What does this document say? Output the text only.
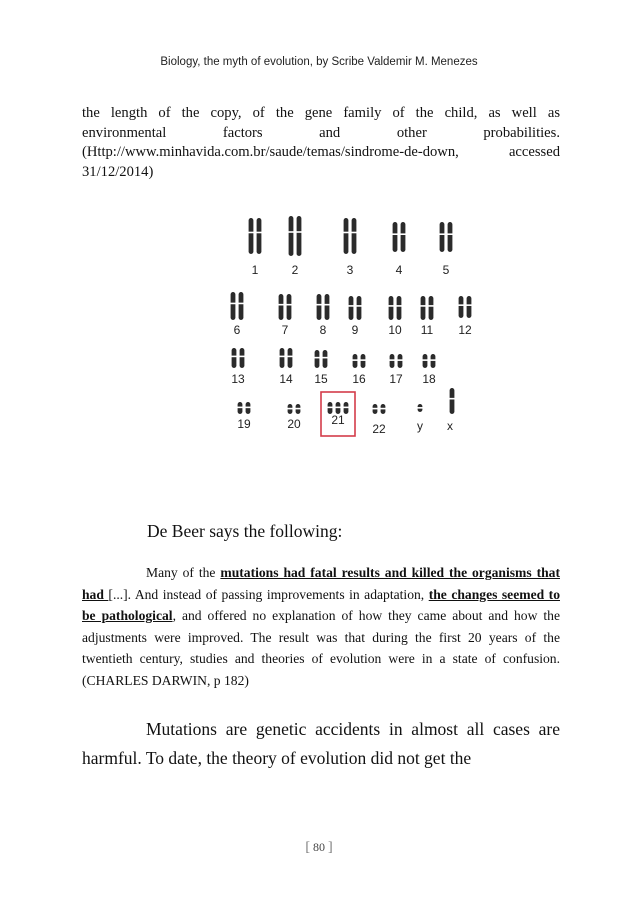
Biology, the myth of evolution, by Scribe Valdemir M. Menezes
the length of the copy, of the gene family of the child, as well as
environmental factors and other probabilities.
(Http://www.minhavida.com.br/saude/temas/sindrome-de-down, accessed
31/12/2014)
1	2	3	4	5
6	7	8 9 10 11 12
13	14 15 16 17 18
19	20	21
22	y x
De Beer says the following:
Many of the mutations had fatal results and killed the organisms that had [...]. And instead of passing improvements in adaptation, the changes seemed to be pathological, and offered no explanation of how they came about and how the adjustments were improved. The result was that during the first 20 years of the twentieth century, studies and theories of evolution were in a state of confusion. (CHARLES DARWIN, p 182)
Mutations are genetic accidents in almost all cases are harmful. To date, the theory of evolution did not get the
[ 80 ]
